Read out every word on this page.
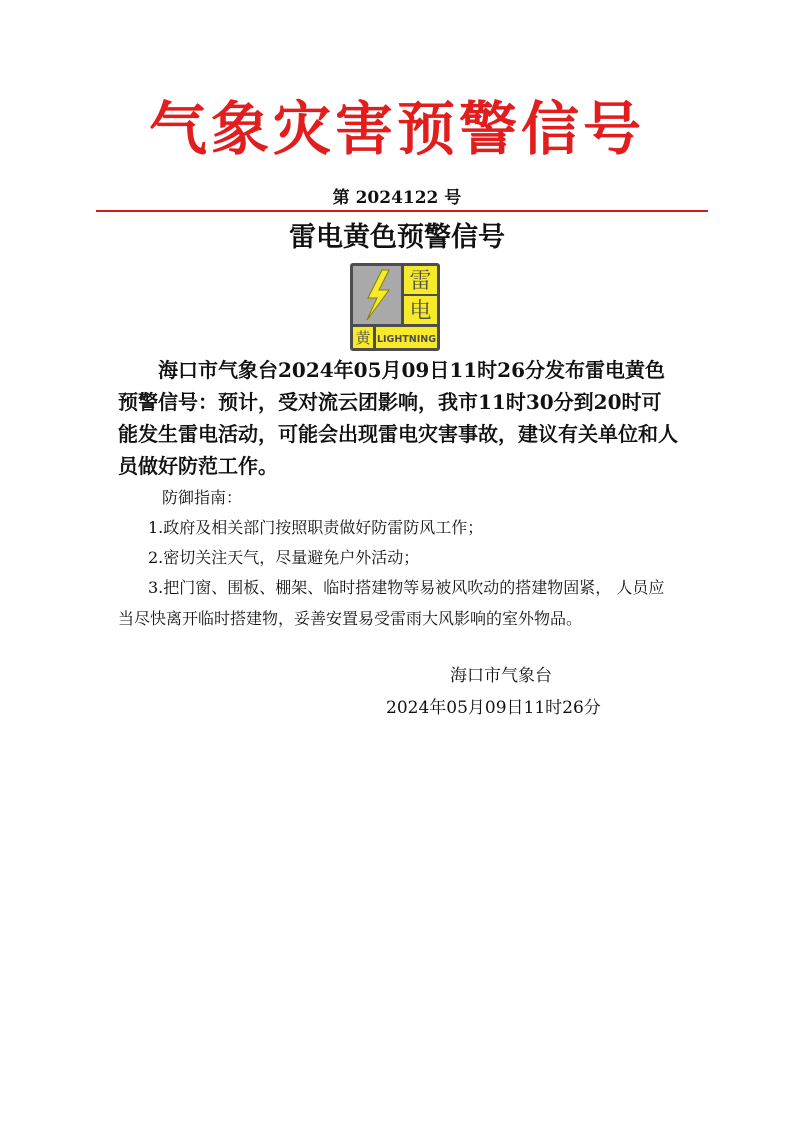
气象灾害预警信号
第 2024122 号
雷电黄色预警信号
雷
电
黄 LIGHTNING
海口市气象台2024年05月09日11时26分发布雷电黄色预警信号：预计，受对流云团影响，我市11时30分到20时可能发生雷电活动，可能会出现雷电灾害事故，建议有关单位和人员做好防范工作。
防御指南：
1.政府及相关部门按照职责做好防雷防风工作；
2.密切关注天气，尽量避免户外活动；
3.把门窗、围板、棚架、临时搭建物等易被风吹动的搭建物固紧， 人员应当尽快离开临时搭建物，妥善安置易受雷雨大风影响的室外物品。
海口市气象台
2024年05月09日11时26分
